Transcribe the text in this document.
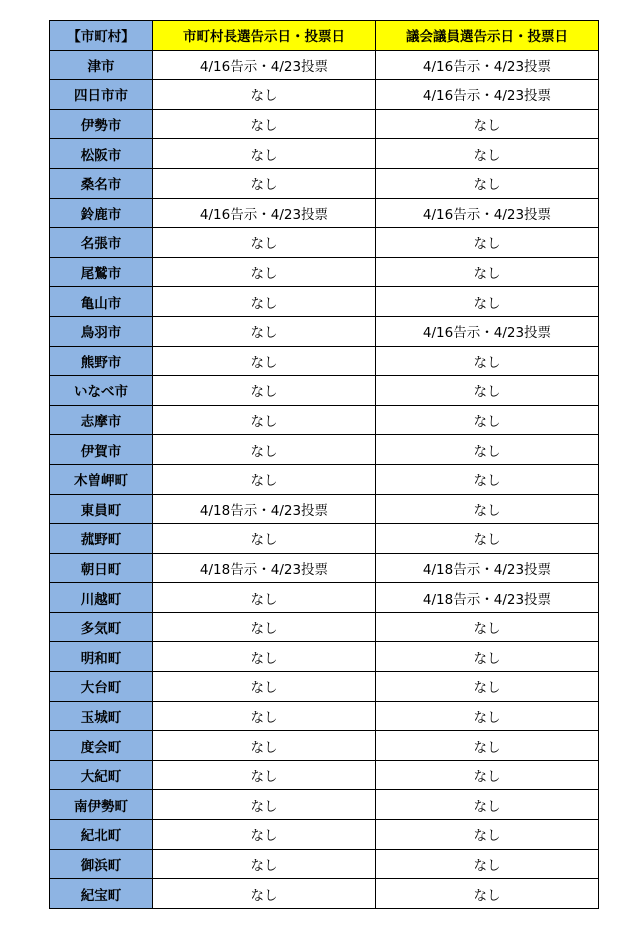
【市町村】	市町村長選告示日・投票日	議会議員選告示日・投票日
津市	4/16告示・4/23投票	4/16告示・4/23投票
四日市市	なし	4/16告示・4/23投票
伊勢市	なし	なし
松阪市	なし	なし
桑名市	なし	なし
鈴鹿市	4/16告示・4/23投票	4/16告示・4/23投票
名張市	なし	なし
尾鷲市	なし	なし
亀山市	なし	なし
鳥羽市	なし	4/16告示・4/23投票
熊野市	なし	なし
いなべ市	なし	なし
志摩市	なし	なし
伊賀市	なし	なし
木曽岬町	なし	なし
東員町	4/18告示・4/23投票	なし
菰野町	なし	なし
朝日町	4/18告示・4/23投票	4/18告示・4/23投票
川越町	なし	4/18告示・4/23投票
多気町	なし	なし
明和町	なし	なし
大台町	なし	なし
玉城町	なし	なし
度会町	なし	なし
大紀町	なし	なし
南伊勢町	なし	なし
紀北町	なし	なし
御浜町	なし	なし
紀宝町	なし	なし
